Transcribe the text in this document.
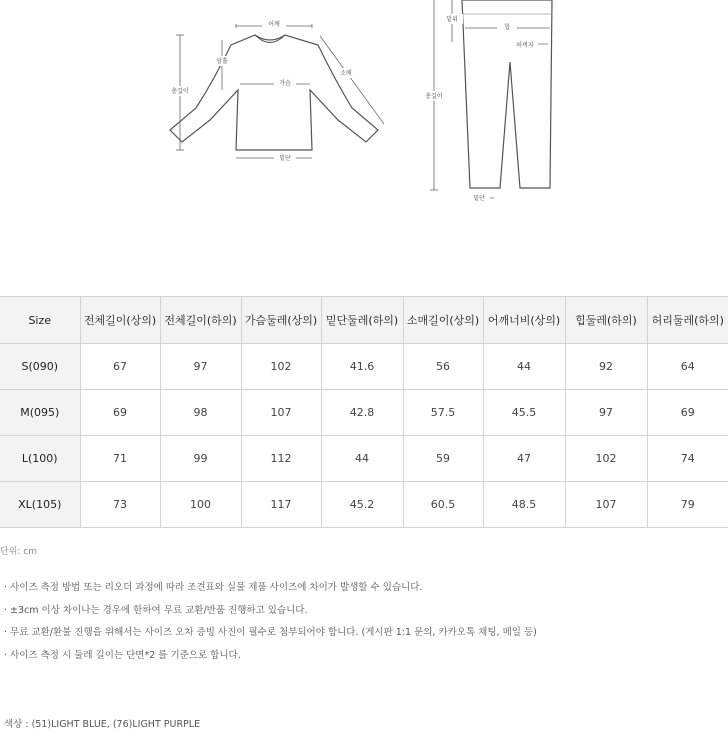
어깨
암홀
총길이
가슴
소매
밑단
밑위
힙
허벅지
총길이
밑단
Size	전체길이(상의)	전체길이(하의)	가슴둘레(상의)	밑단둘레(하의)	소매길이(상의)	어깨너비(상의)	힙둘레(하의)	허리둘레(하의)
S(090)	67	97	102	41.6	56	44	92	64
M(095)	69	98	107	42.8	57.5	45.5	97	69
L(100)	71	99	112	44	59	47	102	74
XL(105)	73	100	117	45.2	60.5	48.5	107	79
단위: cm
· 사이즈 측정 방법 또는 리오더 과정에 따라 조견표와 실물 제품 사이즈에 차이가 발생할 수 있습니다.
· ±3cm 이상 차이나는 경우에 한하여 무료 교환/반품 진행하고 있습니다.
· 무료 교환/환불 진행을 위해서는 사이즈 오차 증빙 사진이 필수로 첨부되어야 합니다. (게시판 1:1 문의, 카카오톡 채팅, 메일 등)
· 사이즈 측정 시 둘레 길이는 단면*2 를 기준으로 합니다.
색상 : (51)LIGHT BLUE, (76)LIGHT PURPLE
